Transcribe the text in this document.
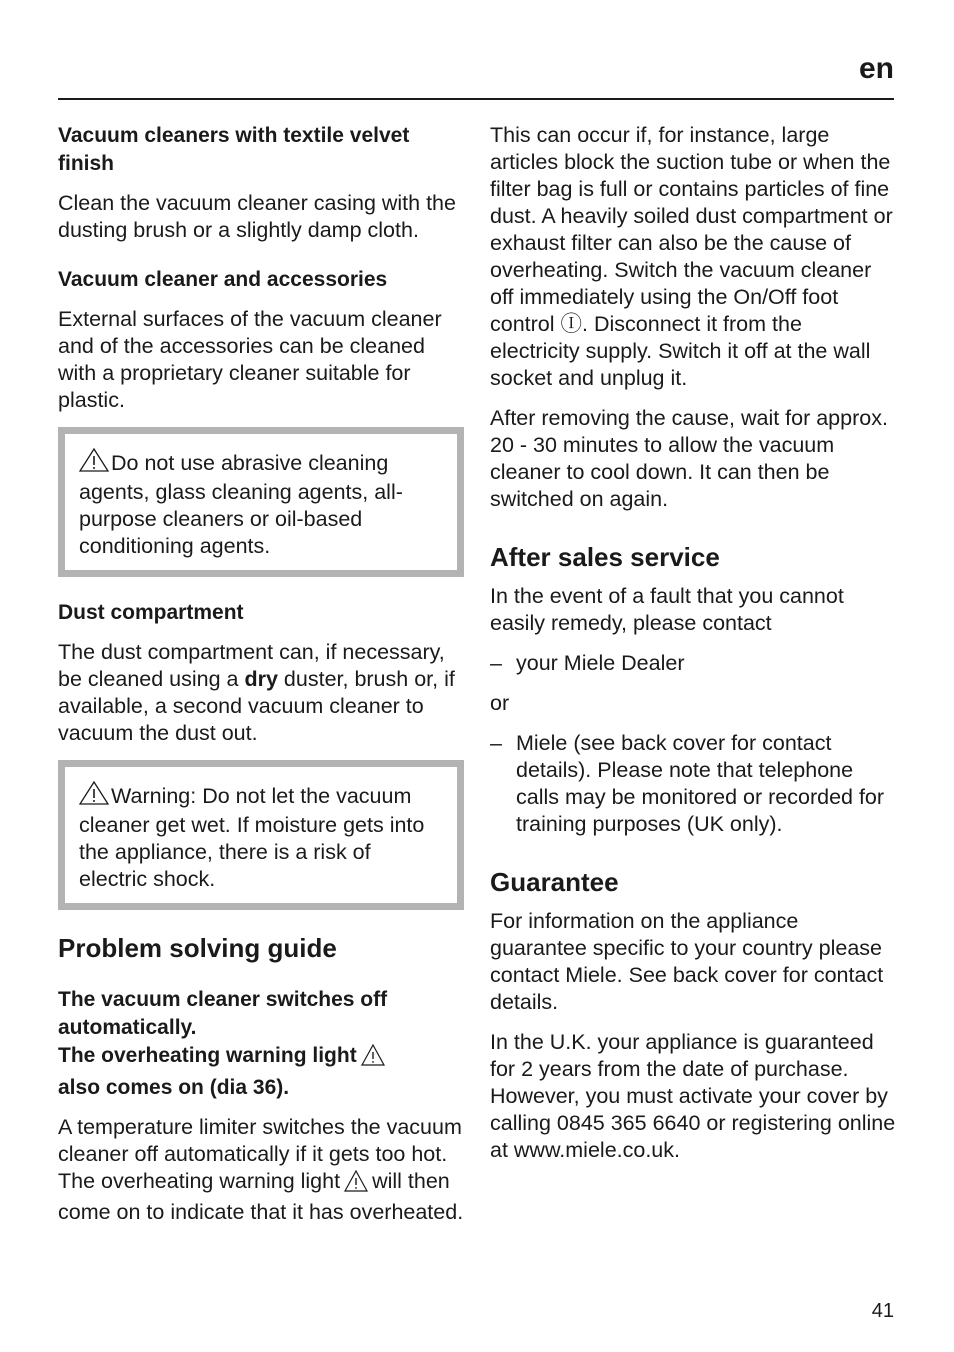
en
Vacuum cleaners with textile velvet finish
Clean the vacuum cleaner casing with the dusting brush or a slightly damp cloth.
Vacuum cleaner and accessories
External surfaces of the vacuum cleaner and of the accessories can be cleaned with a proprietary cleaner suitable for plastic.
Do not use abrasive cleaning agents, glass cleaning agents, all-purpose cleaners or oil-based conditioning agents.
Dust compartment
The dust compartment can, if necessary, be cleaned using a dry duster, brush or, if available, a second vacuum cleaner to vacuum the dust out.
Warning: Do not let the vacuum cleaner get wet. If moisture gets into the appliance, there is a risk of electric shock.
Problem solving guide
The vacuum cleaner switches off automatically.
The overheating warning light
also comes on (dia 36).
A temperature limiter switches the vacuum cleaner off automatically if it gets too hot. The overheating warning light will then come on to indicate that it has overheated.
This can occur if, for instance, large articles block the suction tube or when the filter bag is full or contains particles of fine dust. A heavily soiled dust compartment or exhaust filter can also be the cause of overheating. Switch the vacuum cleaner off immediately using the On/Off foot control Ⓘ. Disconnect it from the electricity supply. Switch it off at the wall socket and unplug it.
After removing the cause, wait for approx. 20 - 30 minutes to allow the vacuum cleaner to cool down. It can then be switched on again.
After sales service
In the event of a fault that you cannot easily remedy, please contact
– your Miele Dealer
or
– Miele (see back cover for contact details). Please note that telephone calls may be monitored or recorded for training purposes (UK only).
Guarantee
For information on the appliance guarantee specific to your country please contact Miele. See back cover for contact details.
In the U.K. your appliance is guaranteed for 2 years from the date of purchase. However, you must activate your cover by calling 0845 365 6640 or registering online at www.miele.co.uk.
41
